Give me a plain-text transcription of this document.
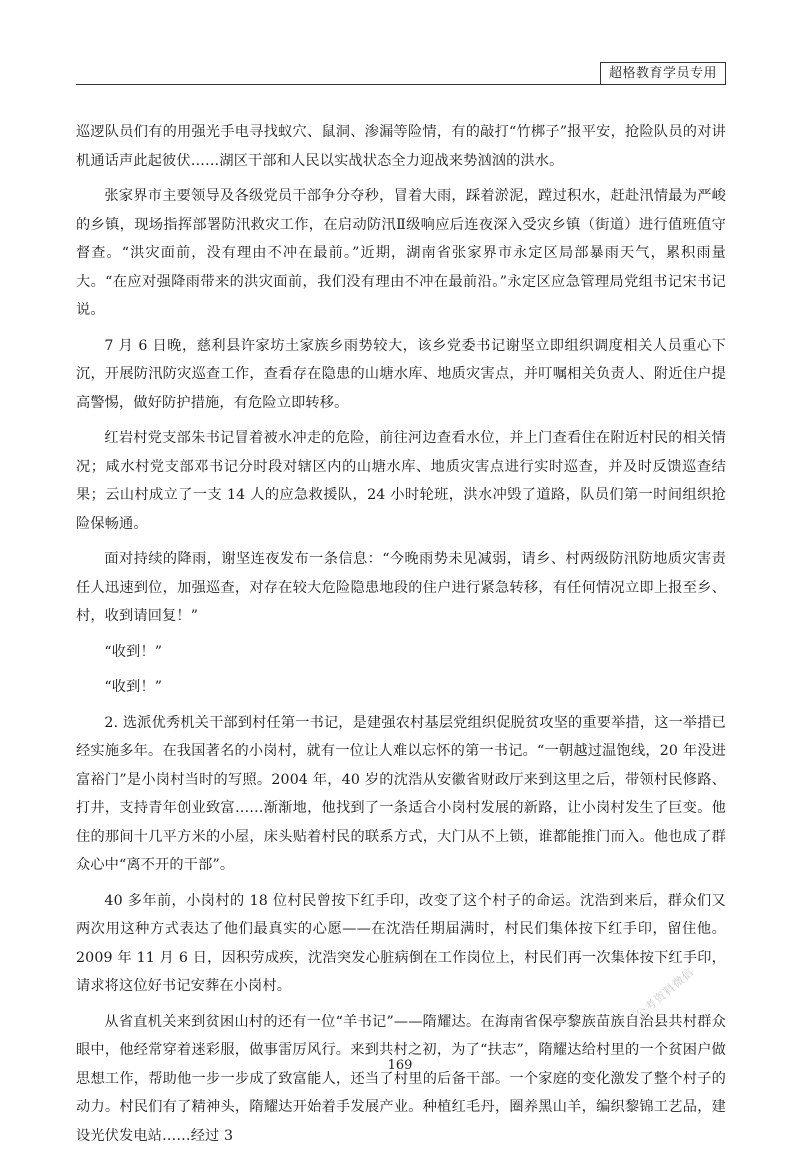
超格教育学员专用

巡逻队员们有的用强光手电寻找蚁穴、鼠洞、渗漏等险情，有的敲打“竹梆子”报平安，抢险队员的对讲机通话声此起彼伏……湖区干部和人民以实战状态全力迎战来势汹汹的洪水。

张家界市主要领导及各级党员干部争分夺秒，冒着大雨，踩着淤泥，蹚过积水，赶赴汛情最为严峻的乡镇，现场指挥部署防汛救灾工作，在启动防汛Ⅱ级响应后连夜深入受灾乡镇（街道）进行值班值守督查。“洪灾面前，没有理由不冲在最前。”近期，湖南省张家界市永定区局部暴雨天气，累积雨量大。“在应对强降雨带来的洪灾面前，我们没有理由不冲在最前沿。”永定区应急管理局党组书记宋书记说。

7 月 6 日晚，慈利县许家坊土家族乡雨势较大，该乡党委书记谢坚立即组织调度相关人员重心下沉，开展防汛防灾巡查工作，查看存在隐患的山塘水库、地质灾害点，并叮嘱相关负责人、附近住户提高警惕，做好防护措施，有危险立即转移。

红岩村党支部朱书记冒着被水冲走的危险，前往河边查看水位，并上门查看住在附近村民的相关情况；咸水村党支部邓书记分时段对辖区内的山塘水库、地质灾害点进行实时巡查，并及时反馈巡查结果；云山村成立了一支 14 人的应急救援队，24 小时轮班，洪水冲毁了道路，队员们第一时间组织抢险保畅通。

面对持续的降雨，谢坚连夜发布一条信息：“今晚雨势未见减弱，请乡、村两级防汛防地质灾害责任人迅速到位，加强巡查，对存在较大危险隐患地段的住户进行紧急转移，有任何情况立即上报至乡、村，收到请回复！”

“收到！”

“收到！”

2. 选派优秀机关干部到村任第一书记，是建强农村基层党组织促脱贫攻坚的重要举措，这一举措已经实施多年。在我国著名的小岗村，就有一位让人难以忘怀的第一书记。“一朝越过温饱线，20 年没进富裕门”是小岗村当时的写照。2004 年，40 岁的沈浩从安徽省财政厅来到这里之后，带领村民修路、打井，支持青年创业致富……渐渐地，他找到了一条适合小岗村发展的新路，让小岗村发生了巨变。他住的那间十几平方米的小屋，床头贴着村民的联系方式，大门从不上锁，谁都能推门而入。他也成了群众心中“离不开的干部”。

40 多年前，小岗村的 18 位村民曾按下红手印，改变了这个村子的命运。沈浩到来后，群众们又两次用这种方式表达了他们最真实的心愿——在沈浩任期届满时，村民们集体按下红手印，留住他。2009 年 11 月 6 日，因积劳成疾，沈浩突发心脏病倒在工作岗位上，村民们再一次集体按下红手印，请求将这位好书记安葬在小岗村。

从省直机关来到贫困山村的还有一位“羊书记”——隋耀达。在海南省保亭黎族苗族自治县共村群众眼中，他经常穿着迷彩服，做事雷厉风行。来到共村之初，为了“扶志”，隋耀达给村里的一个贫困户做思想工作，帮助他一步一步成了致富能人，还当了村里的后备干部。一个家庭的变化激发了整个村子的动力。村民们有了精神头，隋耀达开始着手发展产业。种植红毛丹，圈养黑山羊，编织黎锦工艺品，建设光伏发电站……经过 3

公考资料微信
169
